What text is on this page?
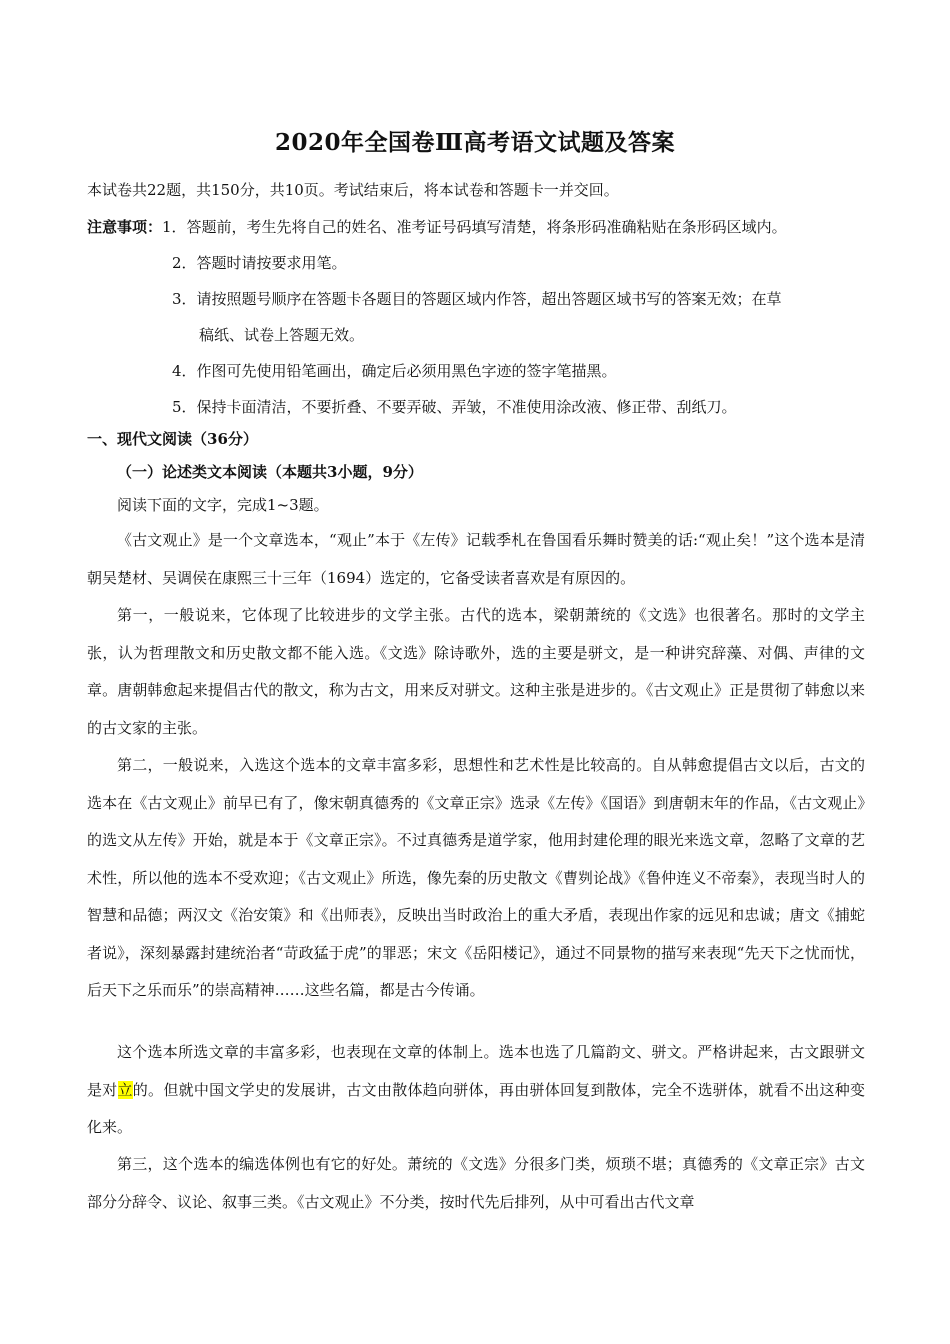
2020年全国卷Ⅲ高考语文试题及答案
本试卷共22题，共150分，共10页。考试结束后，将本试卷和答题卡一并交回。
注意事项：1．答题前，考生先将自己的姓名、准考证号码填写清楚，将条形码准确粘贴在条形码区域内。
2．答题时请按要求用笔。
3．请按照题号顺序在答题卡各题目的答题区域内作答，超出答题区域书写的答案无效；在草
稿纸、试卷上答题无效。
4．作图可先使用铅笔画出，确定后必须用黑色字迹的签字笔描黑。
5．保持卡面清洁，不要折叠、不要弄破、弄皱，不准使用涂改液、修正带、刮纸刀。
一、现代文阅读（36分）
（一）论述类文本阅读（本题共3小题，9分）
阅读下面的文字，完成1~3题。
《古文观止》是一个文章选本，“观止”本于《左传》记载季札在鲁国看乐舞时赞美的话:“观止矣！”这个选本是清朝吴楚材、吴调侯在康熙三十三年（1694）选定的，它备受读者喜欢是有原因的。
第一，一般说来，它体现了比较进步的文学主张。古代的选本，梁朝萧统的《文选》也很著名。那时的文学主张，认为哲理散文和历史散文都不能入选。《文选》除诗歌外，选的主要是骈文，是一种讲究辞藻、对偶、声律的文章。唐朝韩愈起来提倡古代的散文，称为古文，用来反对骈文。这种主张是进步的。《古文观止》正是贯彻了韩愈以来的古文家的主张。
第二，一般说来，入选这个选本的文章丰富多彩，思想性和艺术性是比较高的。自从韩愈提倡古文以后，古文的选本在《古文观止》前早已有了，像宋朝真德秀的《文章正宗》选录《左传》《国语》到唐朝末年的作品，《古文观止》的选文从左传》开始，就是本于《文章正宗》。不过真德秀是道学家，他用封建伦理的眼光来选文章，忽略了文章的艺术性，所以他的选本不受欢迎；《古文观止》所选，像先秦的历史散文《曹刿论战》《鲁仲连义不帝秦》，表现当时人的智慧和品德；两汉文《治安策》和《出师表》，反映出当时政治上的重大矛盾，表现出作家的远见和忠诚；唐文《捕蛇者说》，深刻暴露封建统治者“苛政猛于虎”的罪恶；宋文《岳阳楼记》，通过不同景物的描写来表现“先天下之忧而忧，后天下之乐而乐”的崇高精神……这些名篇，都是古今传诵。
这个选本所选文章的丰富多彩，也表现在文章的体制上。选本也选了几篇韵文、骈文。严格讲起来，古文跟骈文是对立的。但就中国文学史的发展讲，古文由散体趋向骈体，再由骈体回复到散体，完全不选骈体，就看不出这种变化来。
第三，这个选本的编选体例也有它的好处。萧统的《文选》分很多门类，烦琐不堪；真德秀的《文章正宗》古文部分分辞令、议论、叙事三类。《古文观止》不分类，按时代先后排列，从中可看出古代文章
